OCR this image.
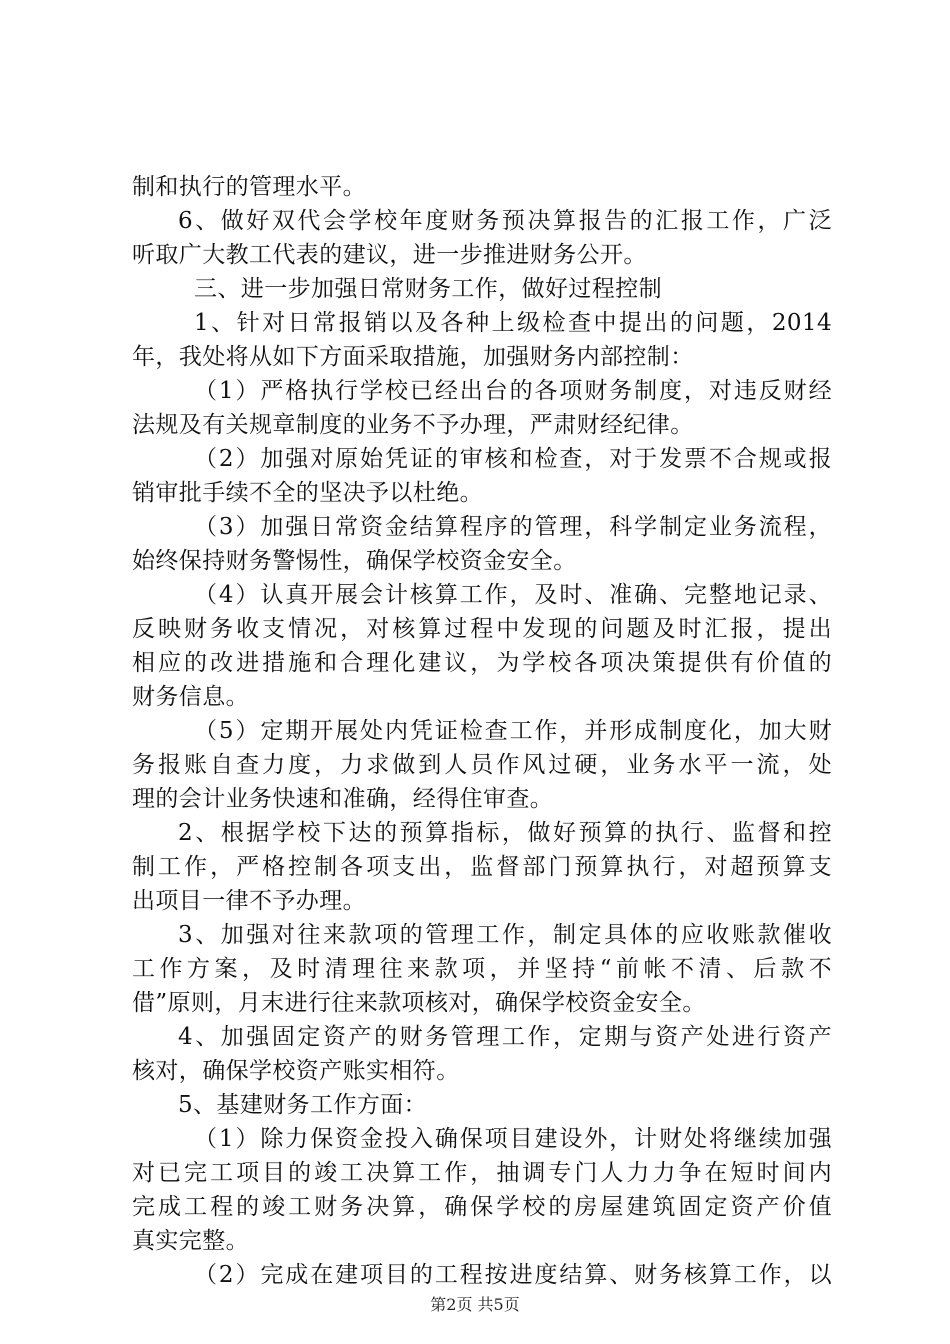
制和执行的管理水平。
6、做好双代会学校年度财务预决算报告的汇报工作，广泛
听取广大教工代表的建议，进一步推进财务公开。
三、进一步加强日常财务工作，做好过程控制
1、针对日常报销以及各种上级检查中提出的问题，2014
年，我处将从如下方面采取措施，加强财务内部控制：
（1）严格执行学校已经出台的各项财务制度，对违反财经
法规及有关规章制度的业务不予办理，严肃财经纪律。
（2）加强对原始凭证的审核和检查，对于发票不合规或报
销审批手续不全的坚决予以杜绝。
（3）加强日常资金结算程序的管理，科学制定业务流程，
始终保持财务警惕性，确保学校资金安全。
（4）认真开展会计核算工作，及时、准确、完整地记录、
反映财务收支情况，对核算过程中发现的问题及时汇报，提出
相应的改进措施和合理化建议，为学校各项决策提供有价值的
财务信息。
（5）定期开展处内凭证检查工作，并形成制度化，加大财
务报账自查力度，力求做到人员作风过硬，业务水平一流，处
理的会计业务快速和准确，经得住审查。
2、根据学校下达的预算指标，做好预算的执行、监督和控
制工作，严格控制各项支出，监督部门预算执行，对超预算支
出项目一律不予办理。
3、加强对往来款项的管理工作，制定具体的应收账款催收
工作方案，及时清理往来款项，并坚持“前帐不清、后款不
借”原则，月末进行往来款项核对，确保学校资金安全。
4、加强固定资产的财务管理工作，定期与资产处进行资产
核对，确保学校资产账实相符。
5、基建财务工作方面：
（1）除力保资金投入确保项目建设外，计财处将继续加强
对已完工项目的竣工决算工作，抽调专门人力力争在短时间内
完成工程的竣工财务决算，确保学校的房屋建筑固定资产价值
真实完整。
（2）完成在建项目的工程按进度结算、财务核算工作，以
第2页 共5页
